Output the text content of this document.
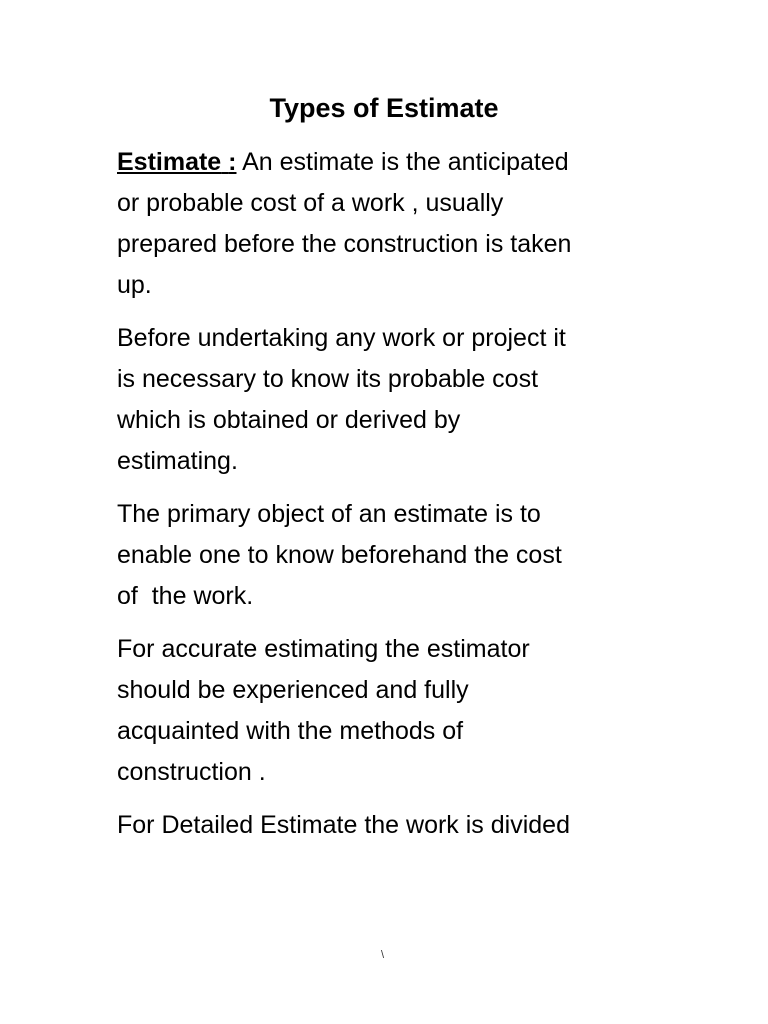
Types of Estimate

Estimate : An estimate is the anticipated
or probable cost of a work , usually
prepared before the construction is taken
up.

Before undertaking any work or project it
is necessary to know its probable cost
which is obtained or derived by
estimating.

The primary object of an estimate is to
enable one to know beforehand the cost
of  the work.

For accurate estimating the estimator
should be experienced and fully
acquainted with the methods of
construction .

For Detailed Estimate the work is divided

\
